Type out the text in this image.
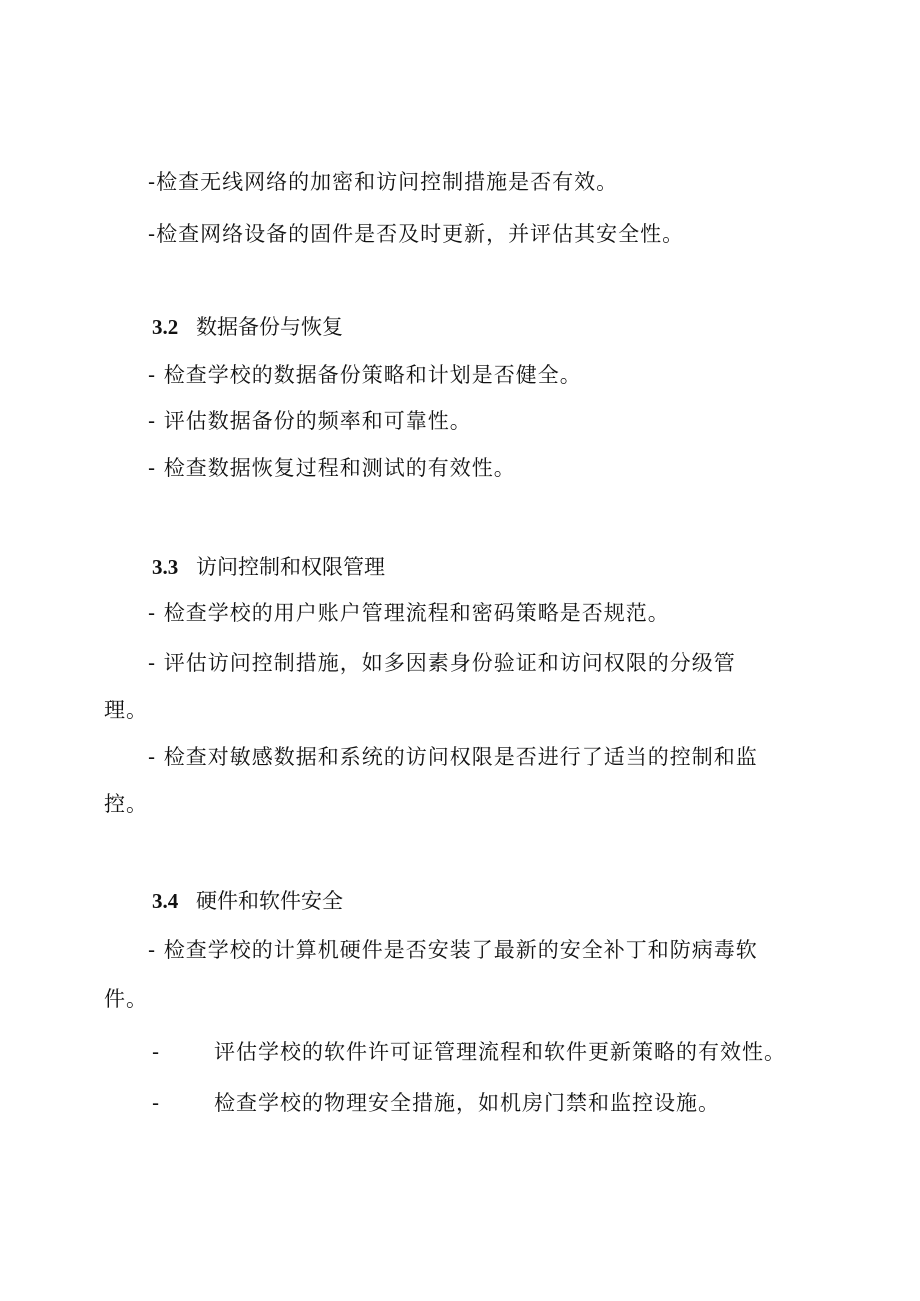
-检查无线网络的加密和访问控制措施是否有效。
-检查网络设备的固件是否及时更新，并评估其安全性。
3.2 数据备份与恢复
- 检查学校的数据备份策略和计划是否健全。
- 评估数据备份的频率和可靠性。
- 检查数据恢复过程和测试的有效性。
3.3 访问控制和权限管理
- 检查学校的用户账户管理流程和密码策略是否规范。
- 评估访问控制措施，如多因素身份验证和访问权限的分级管
理。
- 检查对敏感数据和系统的访问权限是否进行了适当的控制和监
控。
3.4 硬件和软件安全
- 检查学校的计算机硬件是否安装了最新的安全补丁和防病毒软
件。
-	评估学校的软件许可证管理流程和软件更新策略的有效性。
-	检查学校的物理安全措施，如机房门禁和监控设施。
